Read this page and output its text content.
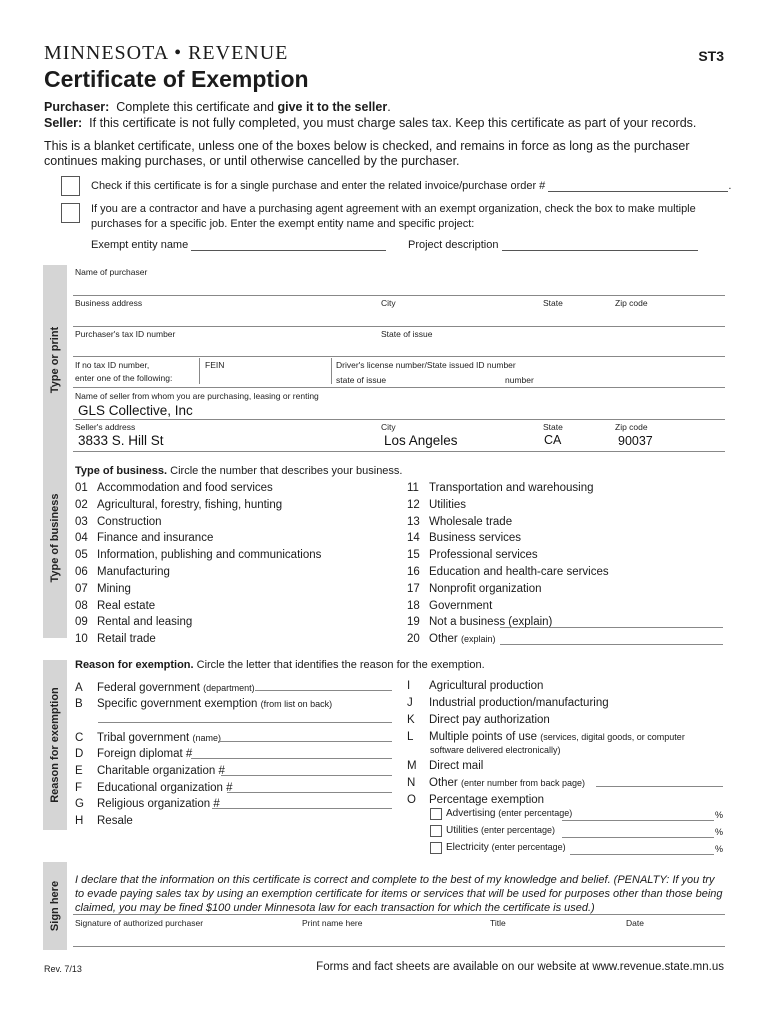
MINNESOTA • REVENUE	ST3
Certificate of Exemption
Purchaser: Complete this certificate and give it to the seller.
Seller: If this certificate is not fully completed, you must charge sales tax. Keep this certificate as part of your records.
This is a blanket certificate, unless one of the boxes below is checked, and remains in force as long as the purchaser continues making purchases, or until otherwise cancelled by the purchaser.
Check if this certificate is for a single purchase and enter the related invoice/purchase order #	.
If you are a contractor and have a purchasing agent agreement with an exempt organization, check the box to make multiple purchases for a specific job. Enter the exempt entity name and specific project:
Exempt entity name	Project description
Type or print
Name of purchaser
Business address	City	State	Zip code
Purchaser's tax ID number	State of issue
If no tax ID number,
enter one of the following:
FEIN	Driver's license number/State issued ID number
state of issue	number
Name of seller from whom you are purchasing, leasing or renting
GLS Collective, Inc
Seller's address	City	State	Zip code
3833 S. Hill St	Los Angeles	CA	90037
Type of business
Type of business. Circle the number that describes your business.
01 Accommodation and food services
02 Agricultural, forestry, fishing, hunting
03 Construction
04 Finance and insurance
05 Information, publishing and communications
06 Manufacturing
07 Mining
08 Real estate
09 Rental and leasing
10 Retail trade
11 Transportation and warehousing
12 Utilities
13 Wholesale trade
14 Business services
15 Professional services
16 Education and health-care services
17 Nonprofit organization
18 Government
19 Not a business (explain)
20 Other (explain)
Reason for exemption
Reason for exemption. Circle the letter that identifies the reason for the exemption.
A Federal government (department)
B Specific government exemption (from list on back)
C Tribal government (name)
D Foreign diplomat #
E Charitable organization #
F Educational organization #
G Religious organization #
H Resale
I Agricultural production
J Industrial production/manufacturing
K Direct pay authorization
L Multiple points of use (services, digital goods, or computer
software delivered electronically)
M Direct mail
N Other (enter number from back page)
O Percentage exemption
Advertising (enter percentage)	%
Utilities (enter percentage)	%
Electricity (enter percentage)	%
Sign here
I declare that the information on this certificate is correct and complete to the best of my knowledge and belief. (PENALTY: If you try to evade paying sales tax by using an exemption certificate for items or services that will be used for purposes other than those being claimed, you may be fined $100 under Minnesota law for each transaction for which the certificate is used.)
Signature of authorized purchaser	Print name here	Title	Date
Rev. 7/13	Forms and fact sheets are available on our website at www.revenue.state.mn.us
